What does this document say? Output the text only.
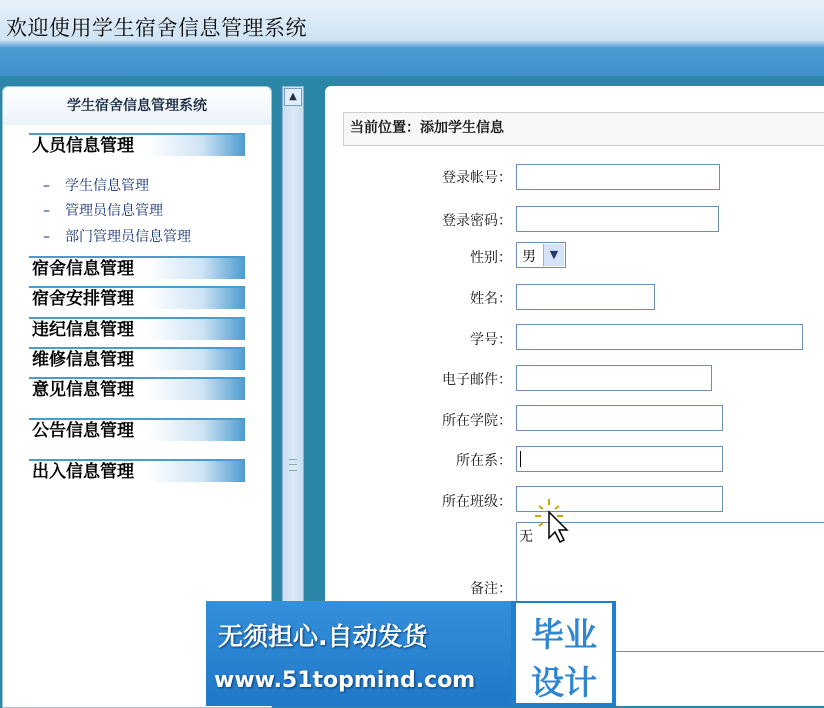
欢迎使用学生宿舍信息管理系统
学生宿舍信息管理系统
人员信息管理
– 学生信息管理
– 管理员信息管理
– 部门管理员信息管理
宿舍信息管理
宿舍安排管理
违纪信息管理
维修信息管理
意见信息管理
公告信息管理
出入信息管理
▲
当前位置：添加学生信息
登录帐号：
登录密码：
性别： 男	▼
姓名：
学号：
电子邮件：
所在学院：
所在系：
所在班级：
备注：
无
无须担心.自动发货
www.51topmind.com
毕业
设计
